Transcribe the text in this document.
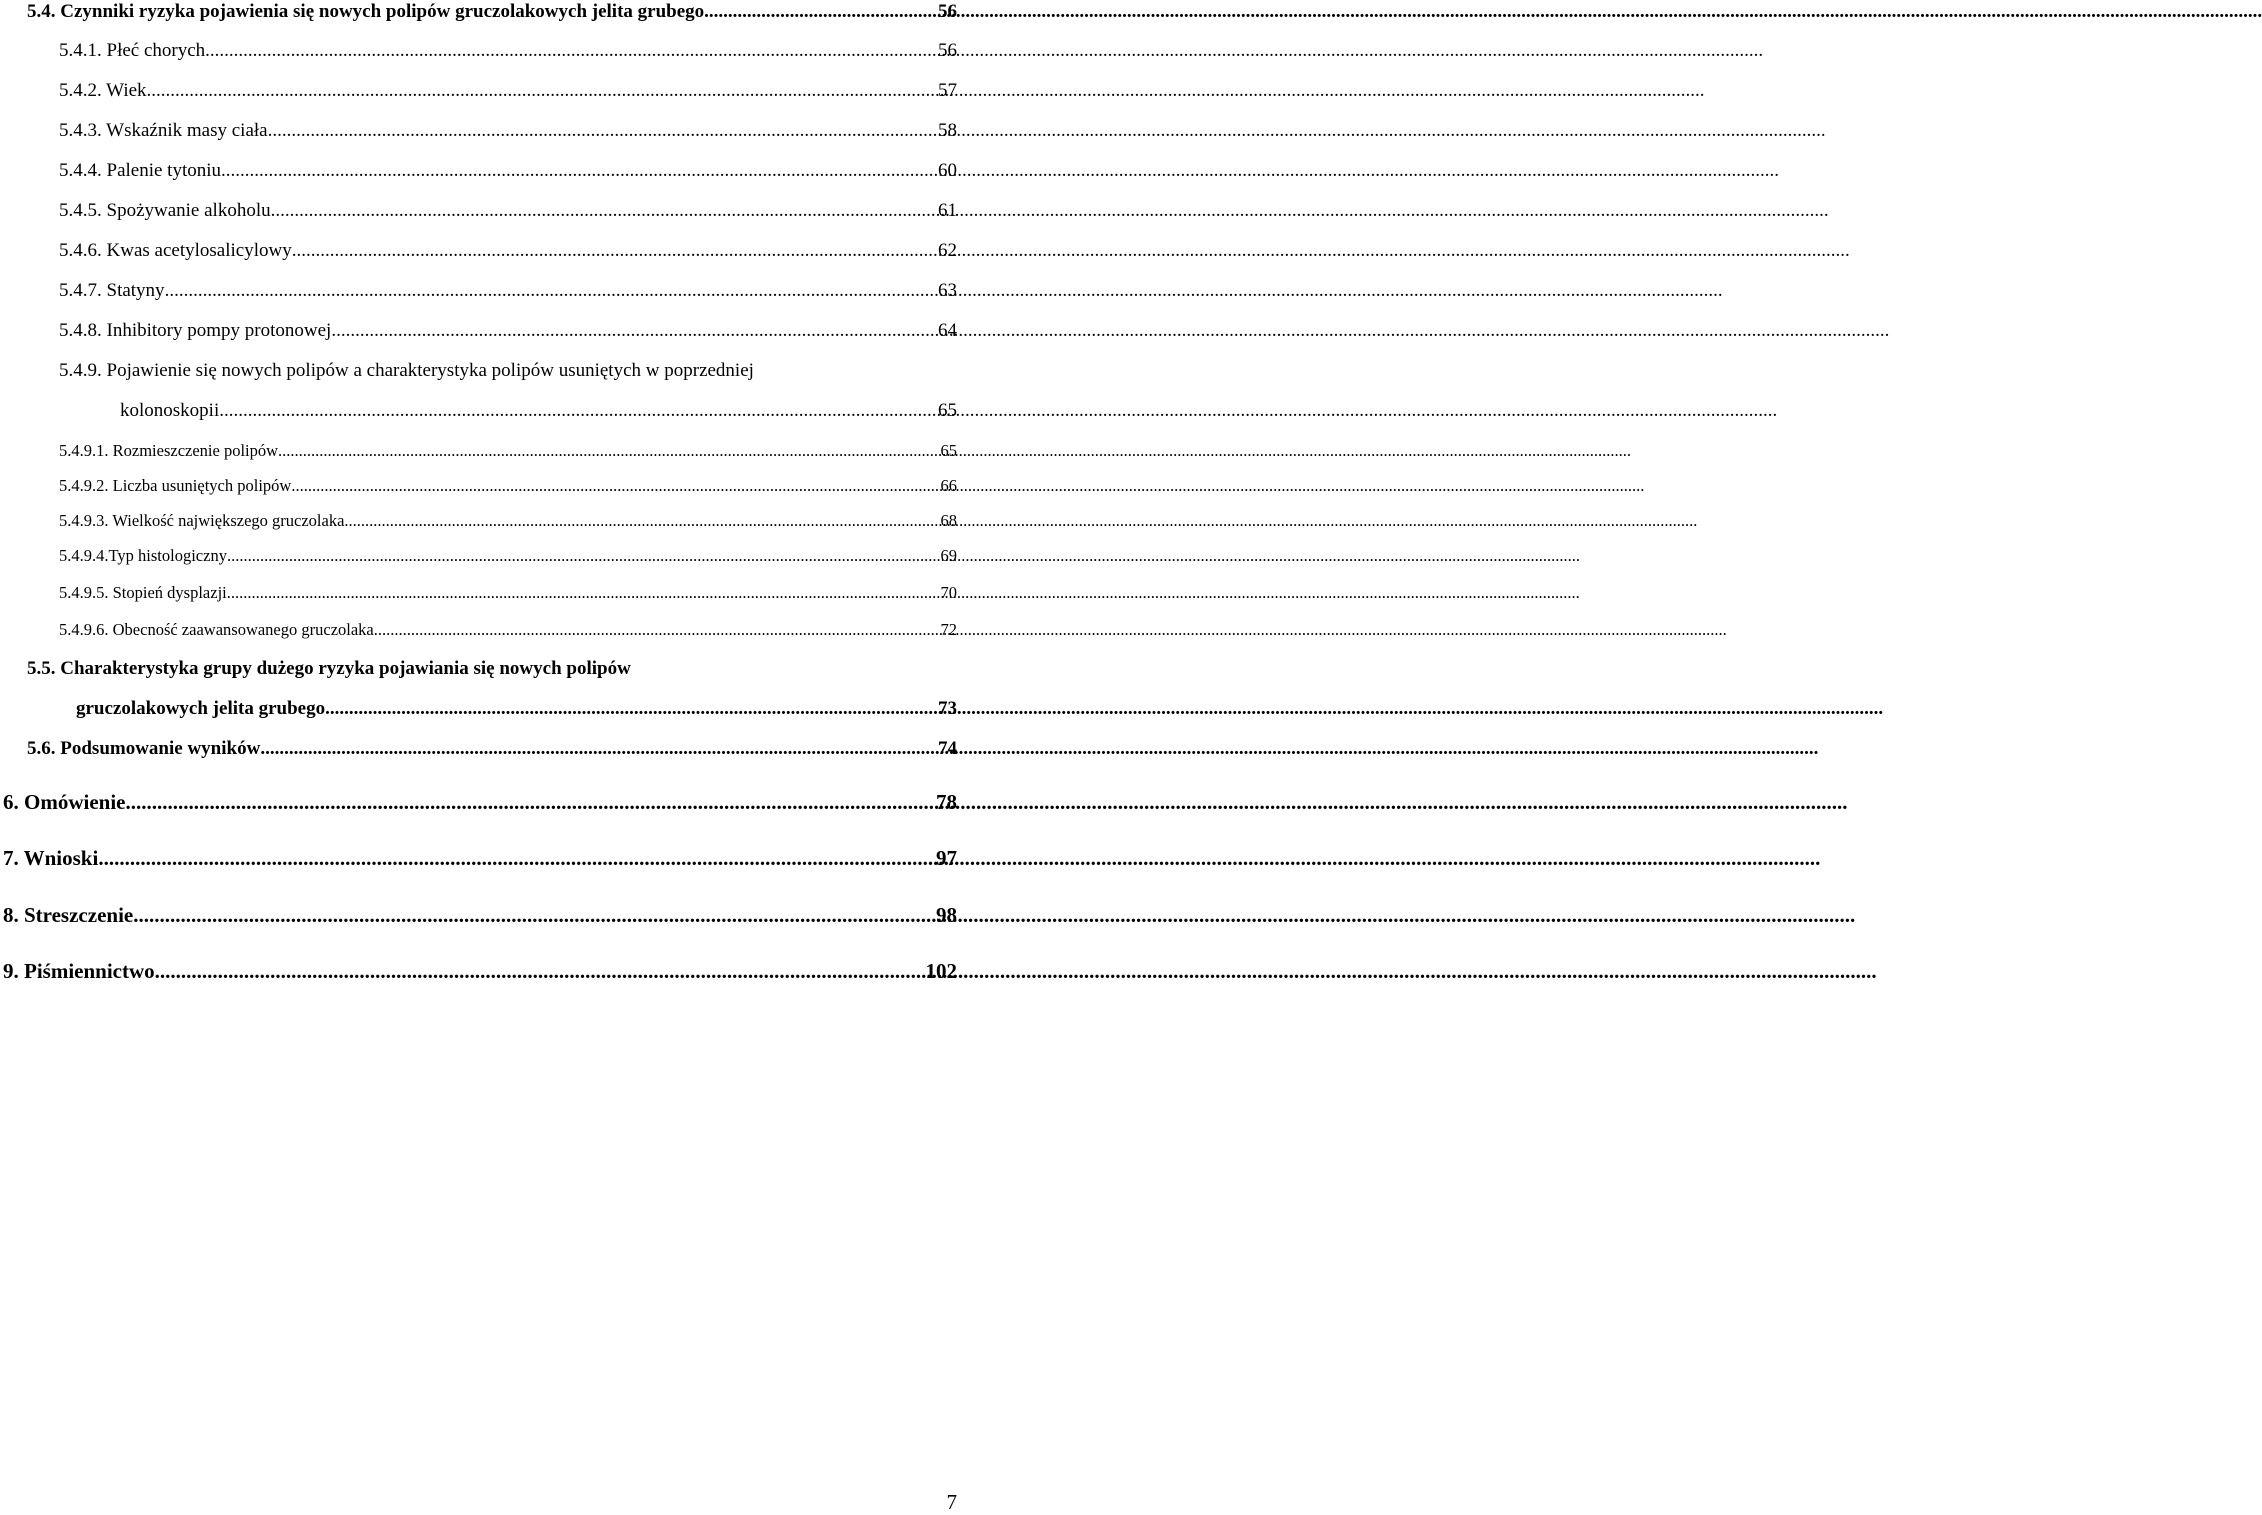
5.4. Czynniki ryzyka pojawienia się nowych polipów gruczolakowych jelita grubego .....	56
5.4.1. Płeć chorych .....	56
5.4.2. Wiek .....	57
5.4.3. Wskaźnik masy ciała .....	58
5.4.4. Palenie tytoniu .....	60
5.4.5. Spożywanie alkoholu .....	61
5.4.6. Kwas acetylosalicylowy .....	62
5.4.7. Statyny .....	63
5.4.8. Inhibitory pompy protonowej .....	64
5.4.9. Pojawienie się nowych polipów a charakterystyka polipów usuniętych w poprzedniej
kolonoskopii .....	65
5.4.9.1. Rozmieszczenie polipów .....	65
5.4.9.2. Liczba usuniętych polipów .....	66
5.4.9.3. Wielkość największego gruczolaka .....	68
5.4.9.4.Typ histologiczny .....	69
5.4.9.5. Stopień dysplazji .....	70
5.4.9.6. Obecność zaawansowanego gruczolaka .....	72
5.5. Charakterystyka grupy dużego ryzyka pojawiania się nowych polipów
gruczolakowych jelita grubego .....	73
5.6. Podsumowanie wyników .....	74
6. Omówienie .....	78
7. Wnioski .....	97
8. Streszczenie .....	98
9. Piśmiennictwo .....	102
7
